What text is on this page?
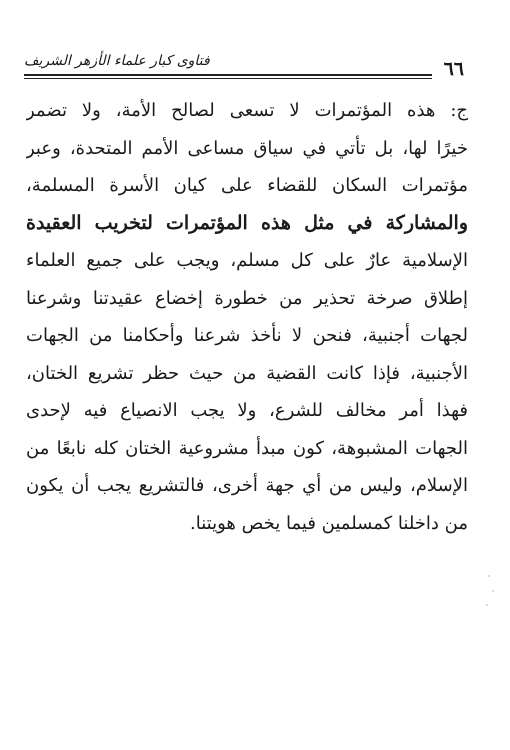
فتاوى كبار علماء الأزهر الشريف	٦٦
ج: هذه المؤتمرات لا تسعى لصالح الأمة، ولا تضمر
خيرًا لها، بل تأتي في سياق مساعى الأمم المتحدة، وعبر
مؤتمرات السكان للقضاء على كيان الأسرة المسلمة،
والمشاركة في مثل هذه المؤتمرات لتخريب العقيدة
الإسلامية عارٌ على كل مسلم، ويجب على جميع العلماء
إطلاق صرخة تحذير من خطورة إخضاع عقيدتنا وشرعنا
لجهات أجنبية، فنحن لا نأخذ شرعنا وأحكامنا من الجهات
الأجنبية، فإذا كانت القضية من حيث حظر تشريع الختان،
فهذا أمر مخالف للشرع، ولا يجب الانصياع فيه لإحدى
الجهات المشبوهة، كون مبدأ مشروعية الختان كله نابعًا من
الإسلام، وليس من أي جهة أخرى، فالتشريع يجب أن يكون
من داخلنا كمسلمين فيما يخص هويتنا.
